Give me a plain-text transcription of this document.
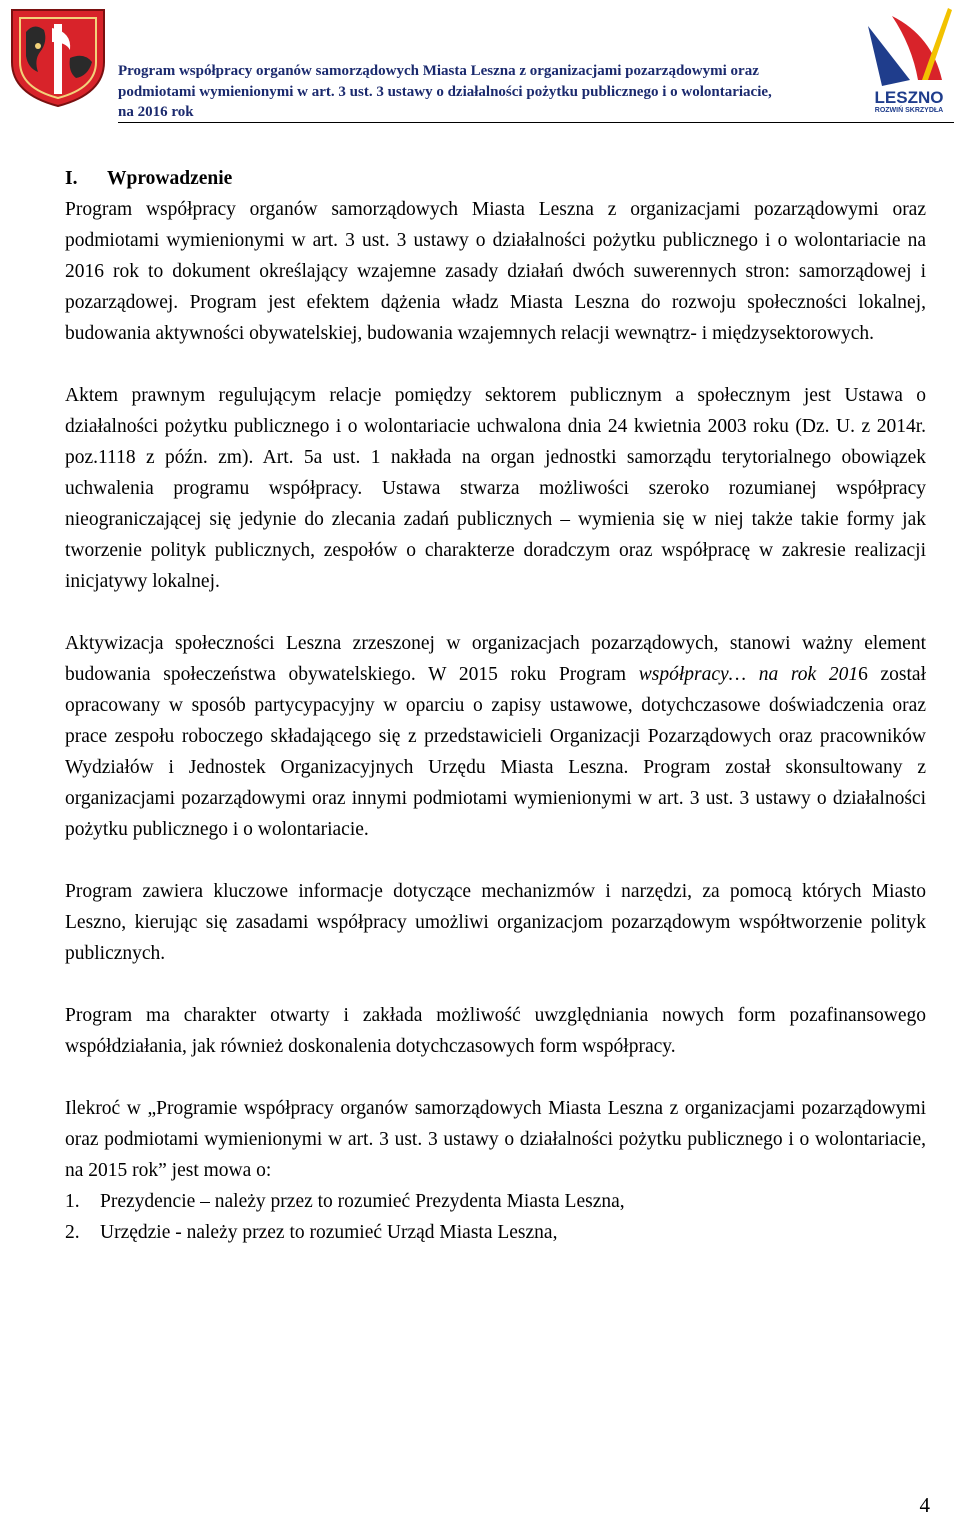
Program współpracy organów samorządowych Miasta Leszna z organizacjami pozarządowymi oraz
podmiotami wymienionymi w art. 3 ust. 3 ustawy o działalności pożytku publicznego i o wolontariacie,
na 2016 rok
LESZNO
ROZWIŃ SKRZYDŁA
I.	Wprowadzenie

Program współpracy organów samorządowych Miasta Leszna z organizacjami pozarządowymi oraz podmiotami wymienionymi w art. 3 ust. 3 ustawy o działalności pożytku publicznego i o wolontariacie na 2016 rok to dokument określający wzajemne zasady działań dwóch suwerennych stron: samorządowej i pozarządowej. Program jest efektem dążenia władz Miasta Leszna do rozwoju społeczności lokalnej, budowania aktywności obywatelskiej, budowania wzajemnych relacji wewnątrz- i międzysektorowych.

Aktem prawnym regulującym relacje pomiędzy sektorem publicznym a społecznym jest Ustawa o działalności pożytku publicznego i o wolontariacie uchwalona dnia 24 kwietnia 2003 roku (Dz. U. z 2014r. poz.1118 z późn. zm). Art. 5a ust. 1 nakłada na organ jednostki samorządu terytorialnego obowiązek uchwalenia programu współpracy. Ustawa stwarza możliwości szeroko rozumianej współpracy nieograniczającej się jedynie do zlecania zadań publicznych – wymienia się w niej także takie formy jak tworzenie polityk publicznych, zespołów o charakterze doradczym oraz współpracę w zakresie realizacji inicjatywy lokalnej.

Aktywizacja społeczności Leszna zrzeszonej w organizacjach pozarządowych, stanowi ważny element budowania społeczeństwa obywatelskiego. W 2015 roku Program współpracy… na rok 2016 został opracowany w sposób partycypacyjny w oparciu o zapisy ustawowe, dotychczasowe doświadczenia oraz prace zespołu roboczego składającego się z przedstawicieli Organizacji Pozarządowych oraz pracowników Wydziałów i Jednostek Organizacyjnych Urzędu Miasta Leszna. Program został skonsultowany z organizacjami pozarządowymi oraz innymi podmiotami wymienionymi w art. 3 ust. 3 ustawy o działalności pożytku publicznego i o wolontariacie.

Program zawiera kluczowe informacje dotyczące mechanizmów i narzędzi, za pomocą których Miasto Leszno, kierując się zasadami współpracy umożliwi organizacjom pozarządowym współtworzenie polityk publicznych.

Program ma charakter otwarty i zakłada możliwość uwzględniania nowych form pozafinansowego współdziałania, jak również doskonalenia dotychczasowych form współpracy.

Ilekroć w „Programie współpracy organów samorządowych Miasta Leszna z organizacjami pozarządowymi oraz podmiotami wymienionymi w art. 3 ust. 3 ustawy o działalności pożytku publicznego i o wolontariacie, na 2015 rok” jest mowa o:

1.	Prezydencie – należy przez to rozumieć Prezydenta Miasta Leszna,
2.	Urzędzie - należy przez to rozumieć Urząd Miasta Leszna,
4
